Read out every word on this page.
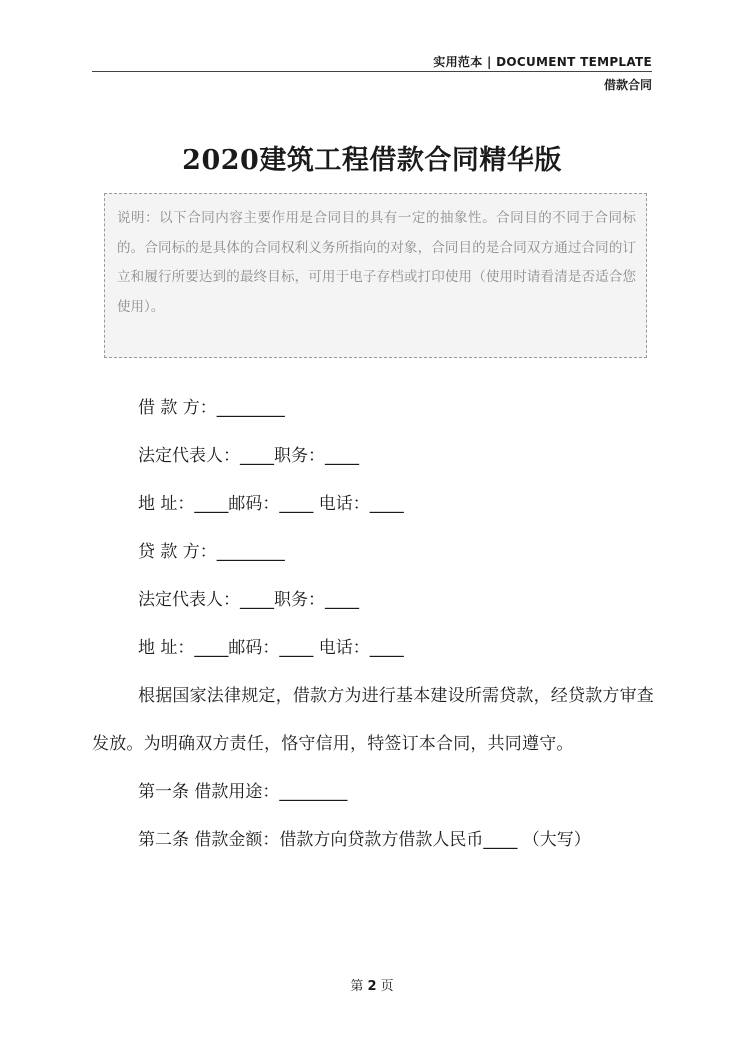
实用范本 | DOCUMENT TEMPLATE
借款合同
2020建筑工程借款合同精华版

说明：以下合同内容主要作用是合同目的具有一定的抽象性。合同目的不同于合同标的。合同标的是具体的合同权利义务所指向的对象，合同目的是合同双方通过合同的订立和履行所要达到的最终目标，可用于电子存档或打印使用（使用时请看清是否适合您使用）。

借 款 方：________

法定代表人：____职务：____

地 址：____邮码：____ 电话：____

贷 款 方：________

法定代表人：____职务：____

地 址：____邮码：____ 电话：____

根据国家法律规定，借款方为进行基本建设所需贷款，经贷款方审查发放。为明确双方责任，恪守信用，特签订本合同，共同遵守。

第一条 借款用途：________

第二条 借款金额：借款方向贷款方借款人民币____ （大写）

第 2 页
